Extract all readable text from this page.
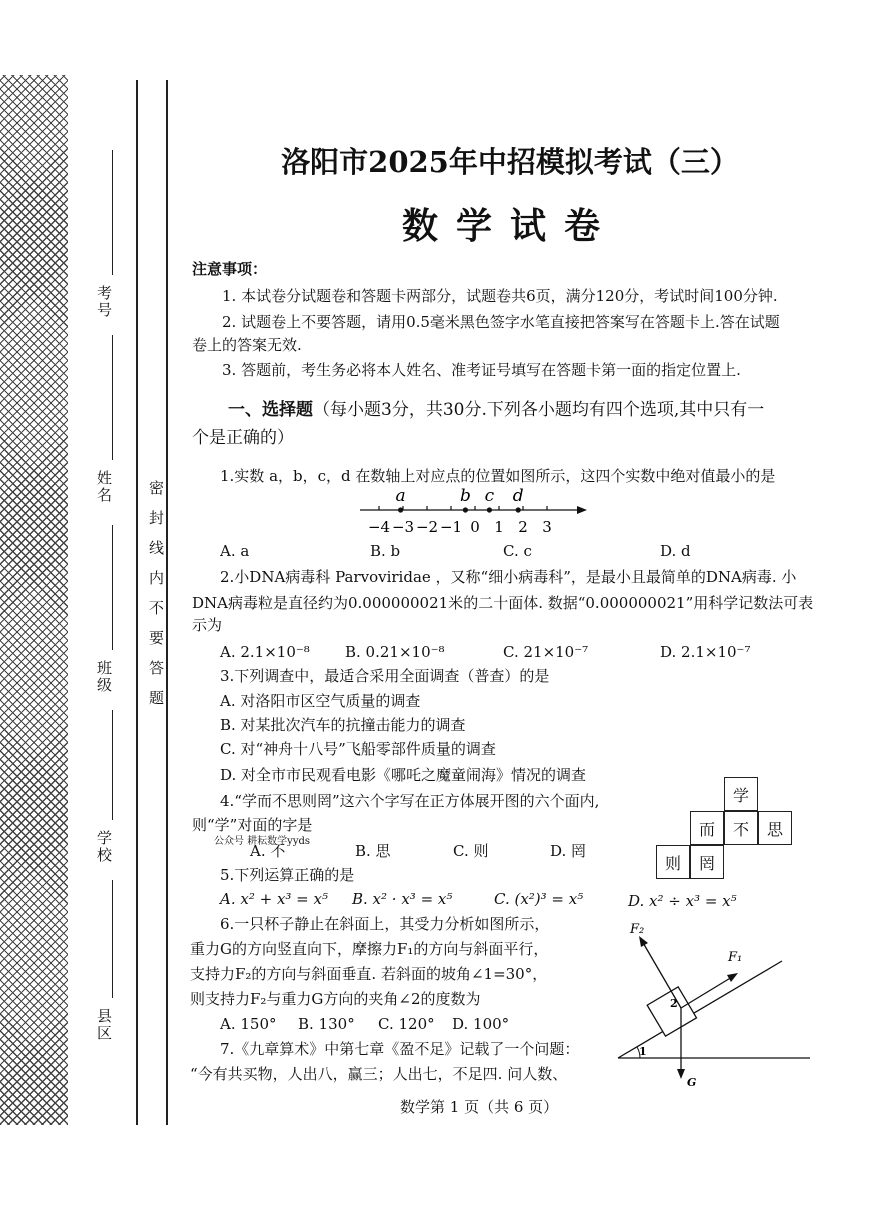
考号
姓名
班级
学校
县区
密封线内不要答题
洛阳市2025年中招模拟考试（三）
数学试卷
注意事项：
1. 本试卷分试题卷和答题卡两部分，试题卷共6页，满分120分，考试时间100分钟.
2. 试题卷上不要答题，请用0.5毫米黑色签字水笔直接把答案写在答题卡上.答在试题
卷上的答案无效.
3. 答题前，考生务必将本人姓名、准考证号填写在答题卡第一面的指定位置上.
一、选择题（每小题3分，共30分.下列各小题均有四个选项,其中只有一
个是正确的）
1.实数 a，b，c，d 在数轴上对应点的位置如图所示，这四个实数中绝对值最小的是
−4 −3 −2 −1 0 1 2 3
a	b c d
A. a	B. b	C. c	D. d
2.小DNA病毒科 Parvoviridae ，又称“细小病毒科”，是最小且最简单的DNA病毒. 小
DNA病毒粒是直径约为0.000000021米的二十面体. 数据“0.000000021”用科学记数法可表
示为
A. 2.1×10⁻⁸ B. 0.21×10⁻⁸	C. 21×10⁻⁷	D. 2.1×10⁻⁷
3.下列调查中，最适合采用全面调查（普查）的是
A. 对洛阳市区空气质量的调查
B. 对某批次汽车的抗撞击能力的调查
C. 对“神舟十八号”飞船零部件质量的调查
D. 对全市市民观看电影《哪吒之魔童闹海》情况的调查
4.“学而不思则罔”这六个字写在正方体展开图的六个面内,
则“学”对面的字是
公众号 耕耘数学yyds
A. 不	B. 思	C. 则	D. 罔
学
而	不	思
则	罔
5.下列运算正确的是
A. x² + x³ = x⁵ B. x² · x³ = x⁵	C. (x²)³ = x⁵	D. x² ÷ x³ = x⁵
6.一只杯子静止在斜面上，其受力分析如图所示，
重力G的方向竖直向下，摩擦力F₁的方向与斜面平行，
支持力F₂的方向与斜面垂直. 若斜面的坡角∠1=30°，
则支持力F₂与重力G方向的夹角∠2的度数为
A. 150° B. 130° C. 120° D. 100°
F₂
F₁
2
1
G
7.《九章算术》中第七章《盈不足》记载了一个问题：
“今有共买物，人出八，赢三；人出七，不足四. 问人数、
数学第 1 页（共 6 页）
